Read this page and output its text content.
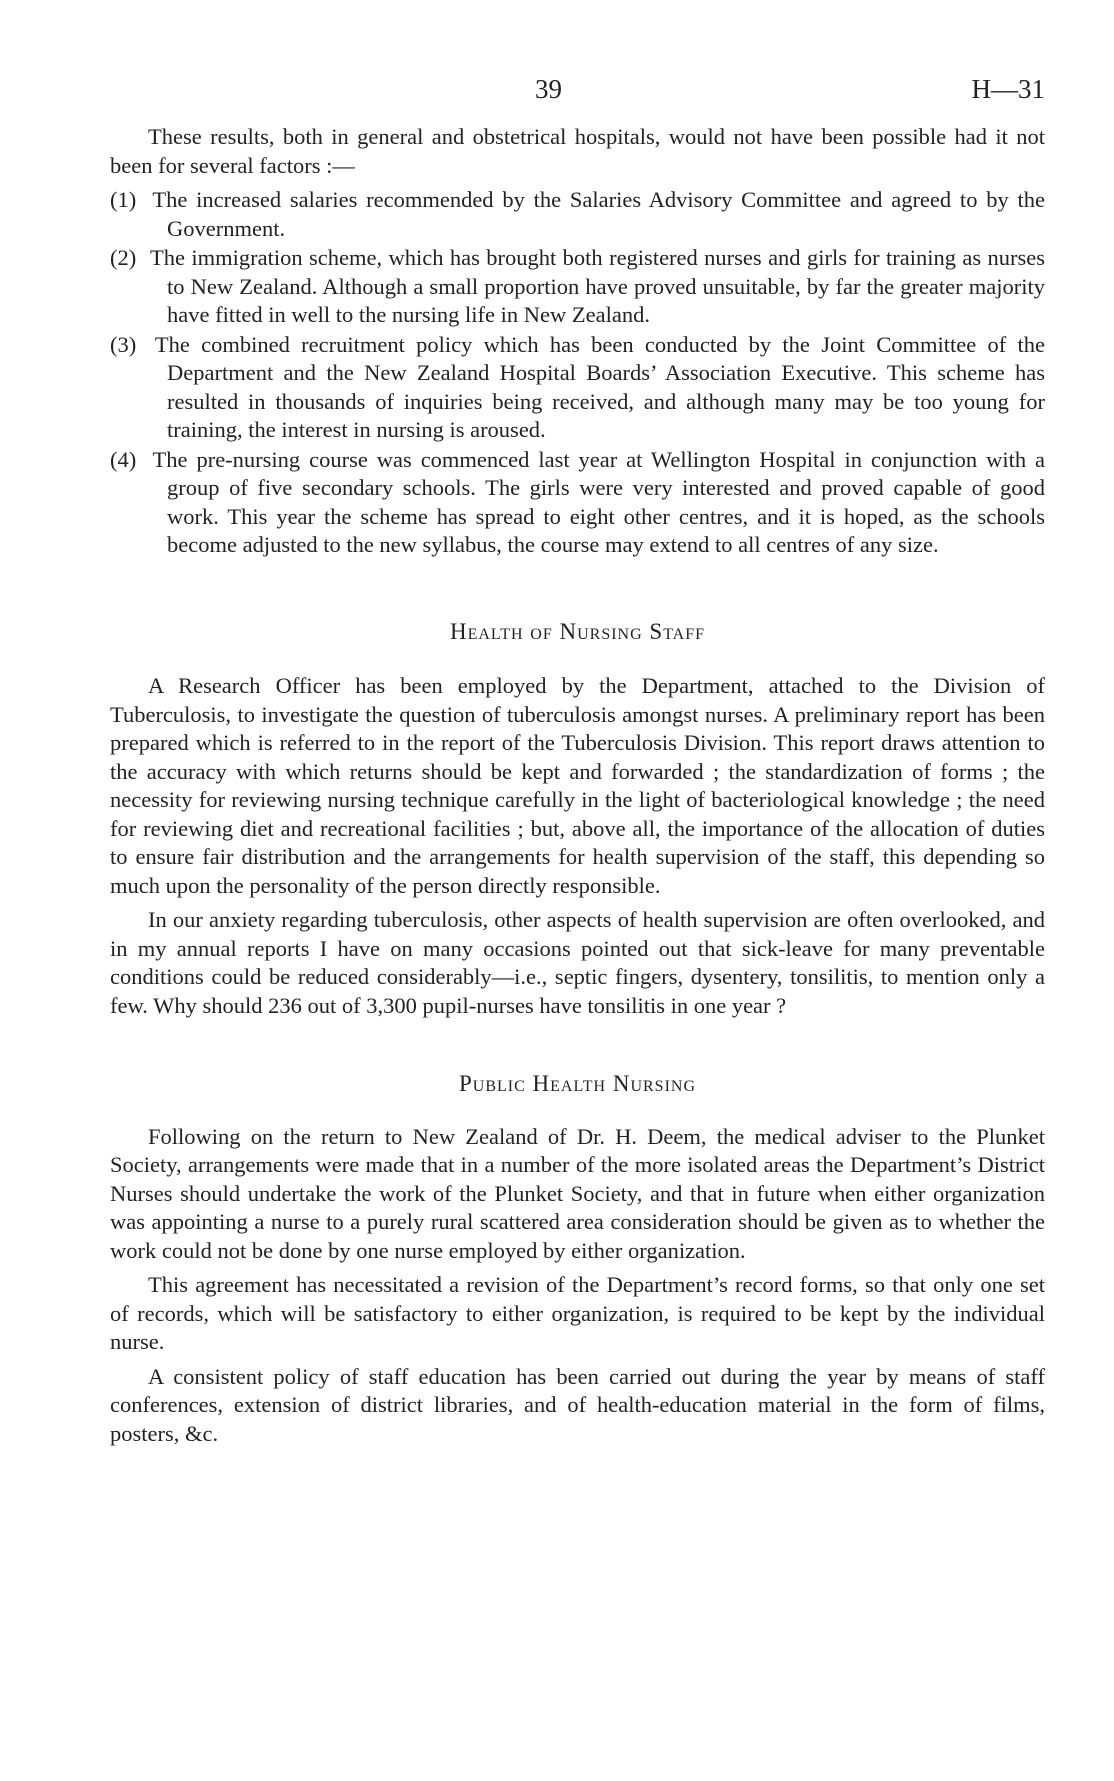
39	H—31

These results, both in general and obstetrical hospitals, would not have been possible had it not been for several factors :—

(1) The increased salaries recommended by the Salaries Advisory Committee and agreed to by the Government.

(2) The immigration scheme, which has brought both registered nurses and girls for training as nurses to New Zealand. Although a small proportion have proved unsuitable, by far the greater majority have fitted in well to the nursing life in New Zealand.

(3) The combined recruitment policy which has been conducted by the Joint Committee of the Department and the New Zealand Hospital Boards’ Association Executive. This scheme has resulted in thousands of inquiries being received, and although many may be too young for training, the interest in nursing is aroused.

(4) The pre-nursing course was commenced last year at Wellington Hospital in conjunction with a group of five secondary schools. The girls were very interested and proved capable of good work. This year the scheme has spread to eight other centres, and it is hoped, as the schools become adjusted to the new syllabus, the course may extend to all centres of any size.

Health of Nursing Staff

A Research Officer has been employed by the Department, attached to the Division of Tuberculosis, to investigate the question of tuberculosis amongst nurses. A preliminary report has been prepared which is referred to in the report of the Tuberculosis Division. This report draws attention to the accuracy with which returns should be kept and forwarded ; the standardization of forms ; the necessity for reviewing nursing technique carefully in the light of bacteriological knowledge ; the need for reviewing diet and recreational facilities ; but, above all, the importance of the allocation of duties to ensure fair distribution and the arrangements for health supervision of the staff, this depending so much upon the personality of the person directly responsible.

In our anxiety regarding tuberculosis, other aspects of health supervision are often overlooked, and in my annual reports I have on many occasions pointed out that sick-leave for many preventable conditions could be reduced considerably—i.e., septic fingers, dysentery, tonsilitis, to mention only a few. Why should 236 out of 3,300 pupil-nurses have tonsilitis in one year ?

Public Health Nursing

Following on the return to New Zealand of Dr. H. Deem, the medical adviser to the Plunket Society, arrangements were made that in a number of the more isolated areas the Department’s District Nurses should undertake the work of the Plunket Society, and that in future when either organization was appointing a nurse to a purely rural scattered area consideration should be given as to whether the work could not be done by one nurse employed by either organization.

This agreement has necessitated a revision of the Department’s record forms, so that only one set of records, which will be satisfactory to either organization, is required to be kept by the individual nurse.

A consistent policy of staff education has been carried out during the year by means of staff conferences, extension of district libraries, and of health-education material in the form of films, posters, &c.
